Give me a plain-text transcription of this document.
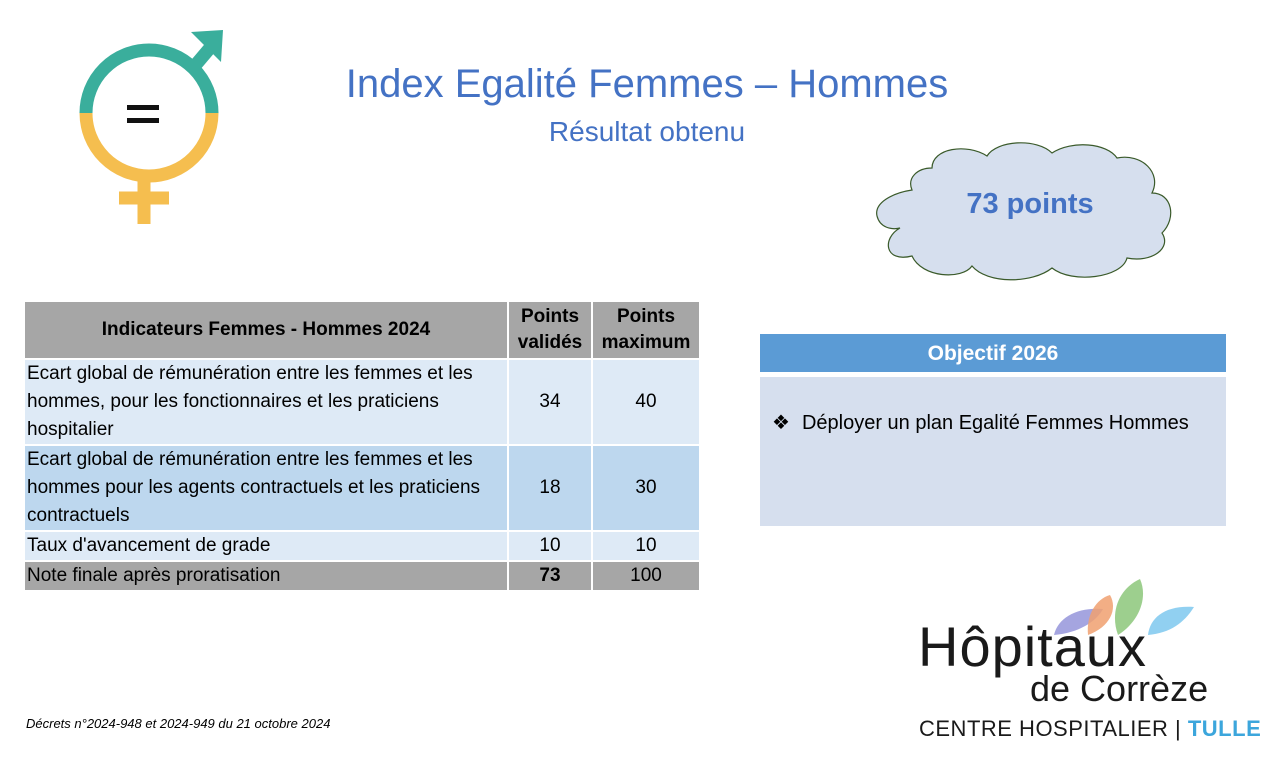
Index Egalité Femmes – Hommes
Résultat obtenu
73 points
Indicateurs Femmes - Hommes 2024	Points validés	Points maximum
Ecart global de rémunération entre les femmes et les hommes, pour les fonctionnaires et les praticiens hospitalier	34	40
Ecart global de rémunération entre les femmes et les hommes pour les agents contractuels et les praticiens contractuels	18	30
Taux d'avancement de grade	10	10
Note finale après proratisation	73	100
Objectif 2026
❖ Déployer un plan Egalité Femmes Hommes
Décrets n°2024-948 et 2024-949 du 21 octobre 2024
Hôpitaux
de Corrèze
CENTRE HOSPITALIER | TULLE
